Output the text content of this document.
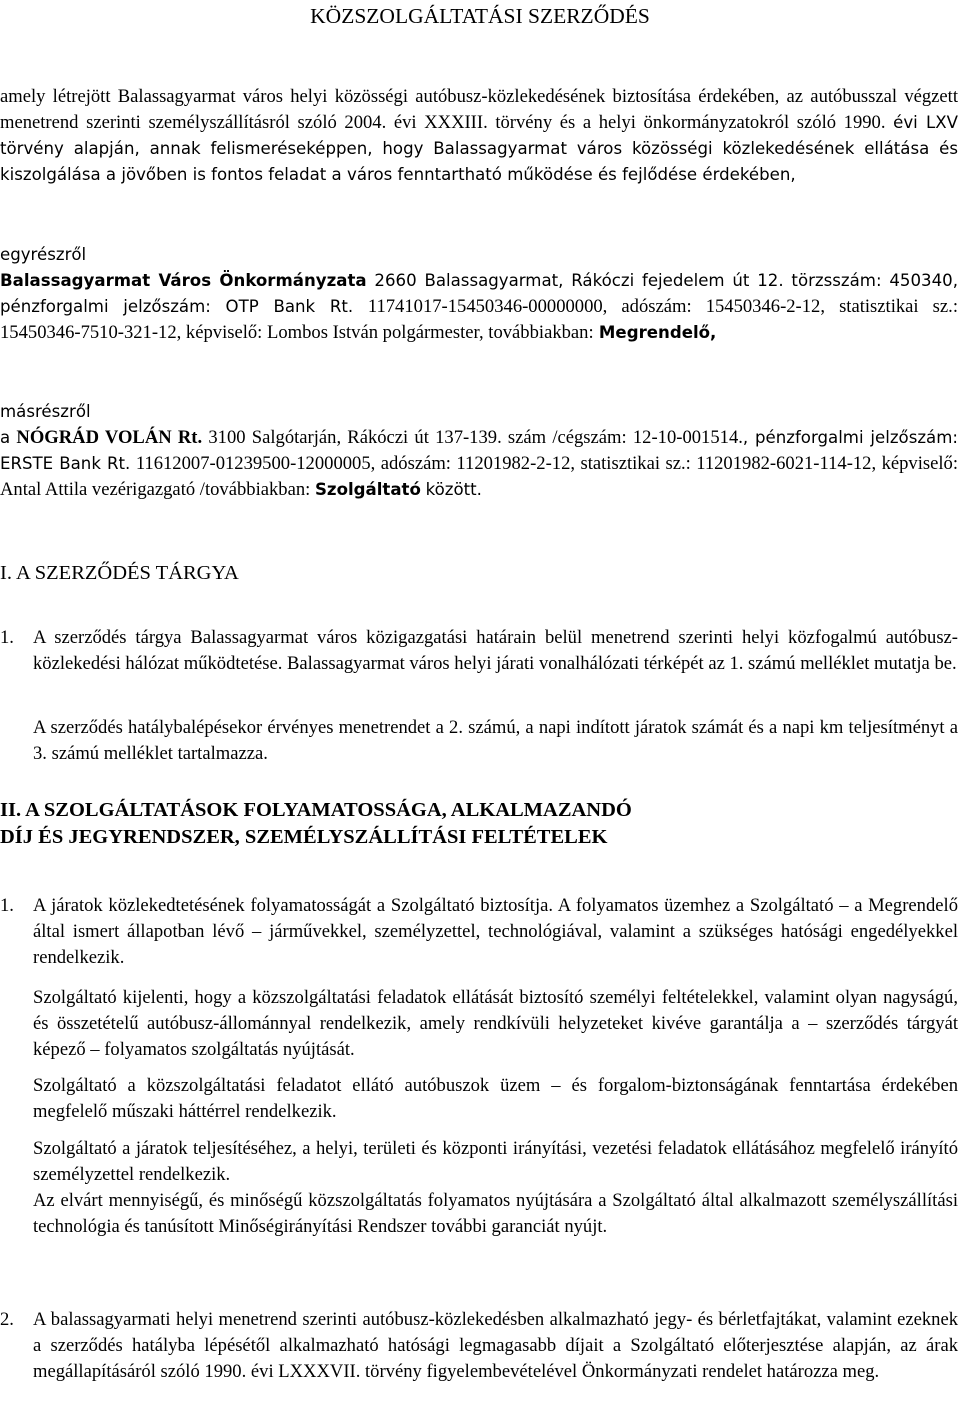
KÖZSZOLGÁLTATÁSI SZERZŐDÉS
amely létrejött Balassagyarmat város helyi közösségi autóbusz-közlekedésének biztosítása érdekében, az autóbusszal végzett menetrend szerinti személyszállításról szóló 2004. évi XXXIII. törvény és a helyi önkormányzatokról szóló 1990. évi LXV törvény alapján, annak felismeréseképpen, hogy Balassagyarmat város közösségi közlekedésének ellátása és kiszolgálása a jövőben is fontos feladat a város fenntartható működése és fejlődése érdekében,
egyrészről
Balassagyarmat Város Önkormányzata 2660 Balassagyarmat, Rákóczi fejedelem út 12. törzsszám: 450340, pénzforgalmi jelzőszám: OTP Bank Rt. 11741017-15450346-00000000, adószám: 15450346-2-12, statisztikai sz.: 15450346-7510-321-12, képviselő: Lombos István polgármester, továbbiakban: Megrendelő,
másrészről
a NÓGRÁD VOLÁN Rt. 3100 Salgótarján, Rákóczi út 137-139. szám /cégszám: 12-10-001514., pénzforgalmi jelzőszám: ERSTE Bank Rt. 11612007-01239500-12000005, adószám: 11201982-2-12, statisztikai sz.: 11201982-6021-114-12, képviselő: Antal Attila vezérigazgató /továbbiakban: Szolgáltató között.
I. A SZERZŐDÉS TÁRGYA
1. A szerződés tárgya Balassagyarmat város közigazgatási határain belül menetrend szerinti helyi közfogalmú autóbusz-közlekedési hálózat működtetése. Balassagyarmat város helyi járati vonalhálózati térképét az 1. számú melléklet mutatja be.
A szerződés hatálybalépésekor érvényes menetrendet a 2. számú, a napi indított járatok számát és a napi km teljesítményt a 3. számú melléklet tartalmazza.
II. A SZOLGÁLTATÁSOK FOLYAMATOSSÁGA, ALKALMAZANDÓ
DÍJ ÉS JEGYRENDSZER, SZEMÉLYSZÁLLÍTÁSI FELTÉTELEK
1. A járatok közlekedtetésének folyamatosságát a Szolgáltató biztosítja. A folyamatos üzemhez a Szolgáltató – a Megrendelő által ismert állapotban lévő – járművekkel, személyzettel, technológiával, valamint a szükséges hatósági engedélyekkel rendelkezik.
Szolgáltató kijelenti, hogy a közszolgáltatási feladatok ellátását biztosító személyi feltételekkel, valamint olyan nagyságú, és összetételű autóbusz-állománnyal rendelkezik, amely rendkívüli helyzeteket kivéve garantálja a – szerződés tárgyát képező – folyamatos szolgáltatás nyújtását.
Szolgáltató a közszolgáltatási feladatot ellátó autóbuszok üzem – és forgalom-biztonságának fenntartása érdekében megfelelő műszaki háttérrel rendelkezik.
Szolgáltató a járatok teljesítéséhez, a helyi, területi és központi irányítási, vezetési feladatok ellátásához megfelelő irányító személyzettel rendelkezik.
Az elvárt mennyiségű, és minőségű közszolgáltatás folyamatos nyújtására a Szolgáltató által alkalmazott személyszállítási technológia és tanúsított Minőségirányítási Rendszer további garanciát nyújt.
2. A balassagyarmati helyi menetrend szerinti autóbusz-közlekedésben alkalmazható jegy- és bérletfajtákat, valamint ezeknek a szerződés hatályba lépésétől alkalmazható hatósági legmagasabb díjait a Szolgáltató előterjesztése alapján, az árak megállapításáról szóló 1990. évi LXXXVII. törvény figyelembevételével Önkormányzati rendelet határozza meg.
